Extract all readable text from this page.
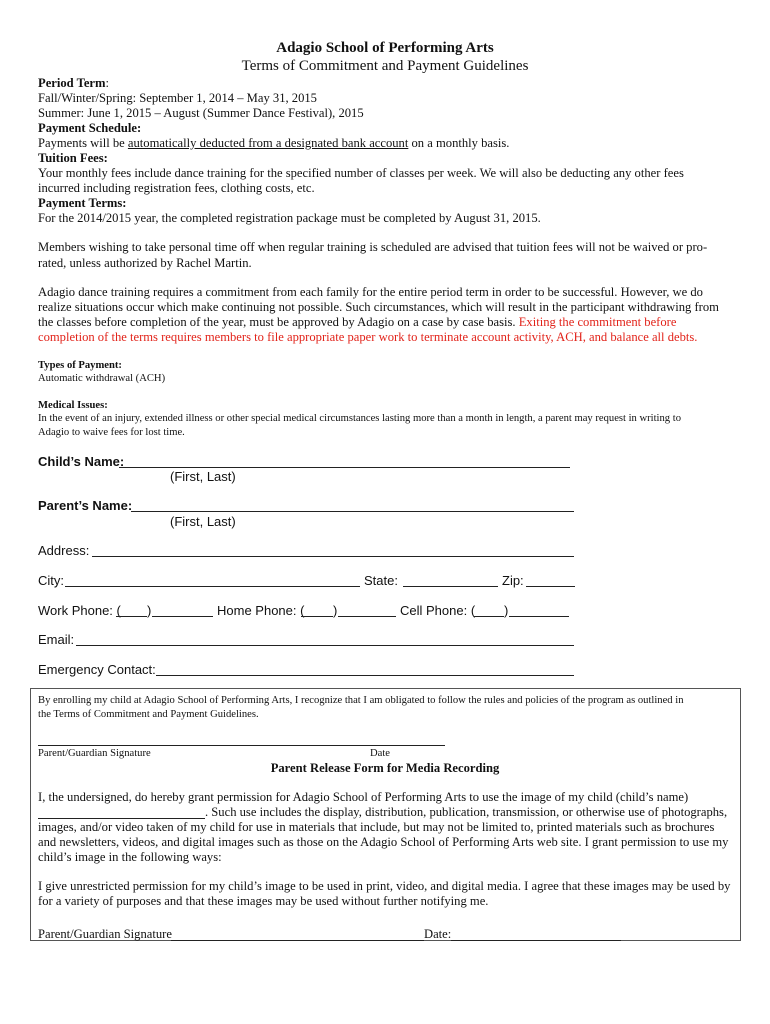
Adagio School of Performing Arts
Terms of Commitment and Payment Guidelines
Period Term:
Fall/Winter/Spring: September 1, 2014 – May 31, 2015
Summer: June 1, 2015 – August (Summer Dance Festival), 2015
Payment Schedule:
Payments will be automatically deducted from a designated bank account on a monthly basis.
Tuition Fees:
Your monthly fees include dance training for the specified number of classes per week. We will also be deducting any other fees
incurred including registration fees, clothing costs, etc.
Payment Terms:
For the 2014/2015 year, the completed registration package must be completed by August 31, 2015.
Members wishing to take personal time off when regular training is scheduled are advised that tuition fees will not be waived or pro-
rated, unless authorized by Rachel Martin.
Adagio dance training requires a commitment from each family for the entire period term in order to be successful. However, we do
realize situations occur which make continuing not possible. Such circumstances, which will result in the participant withdrawing from
the classes before completion of the year, must be approved by Adagio on a case by case basis. Exiting the commitment before
completion of the terms requires members to file appropriate paper work to terminate account activity, ACH, and balance all debts.
Types of Payment:
Automatic withdrawal (ACH)
Medical Issues:
In the event of an injury, extended illness or other special medical circumstances lasting more than a month in length, a parent may request in writing to
Adagio to waive fees for lost time.
Child’s Name:
(First, Last)
Parent’s Name:
(First, Last)
Address:
City:	State:	Zip:
Work Phone: ( )	Home Phone: ( )	Cell Phone: ( )
Email:
Emergency Contact:
By enrolling my child at Adagio School of Performing Arts, I recognize that I am obligated to follow the rules and policies of the program as outlined in
the Terms of Commitment and Payment Guidelines.
Parent/Guardian Signature	Date
Parent Release Form for Media Recording
I, the undersigned, do hereby grant permission for Adagio School of Performing Arts to use the image of my child (child’s name)
. Such use includes the display, distribution, publication, transmission, or otherwise use of photographs,
images, and/or video taken of my child for use in materials that include, but may not be limited to, printed materials such as brochures
and newsletters, videos, and digital images such as those on the Adagio School of Performing Arts web site. I grant permission to use my
child’s image in the following ways:
I give unrestricted permission for my child’s image to be used in print, video, and digital media. I agree that these images may be used by
for a variety of purposes and that these images may be used without further notifying me.
Parent/Guardian Signature	Date:
